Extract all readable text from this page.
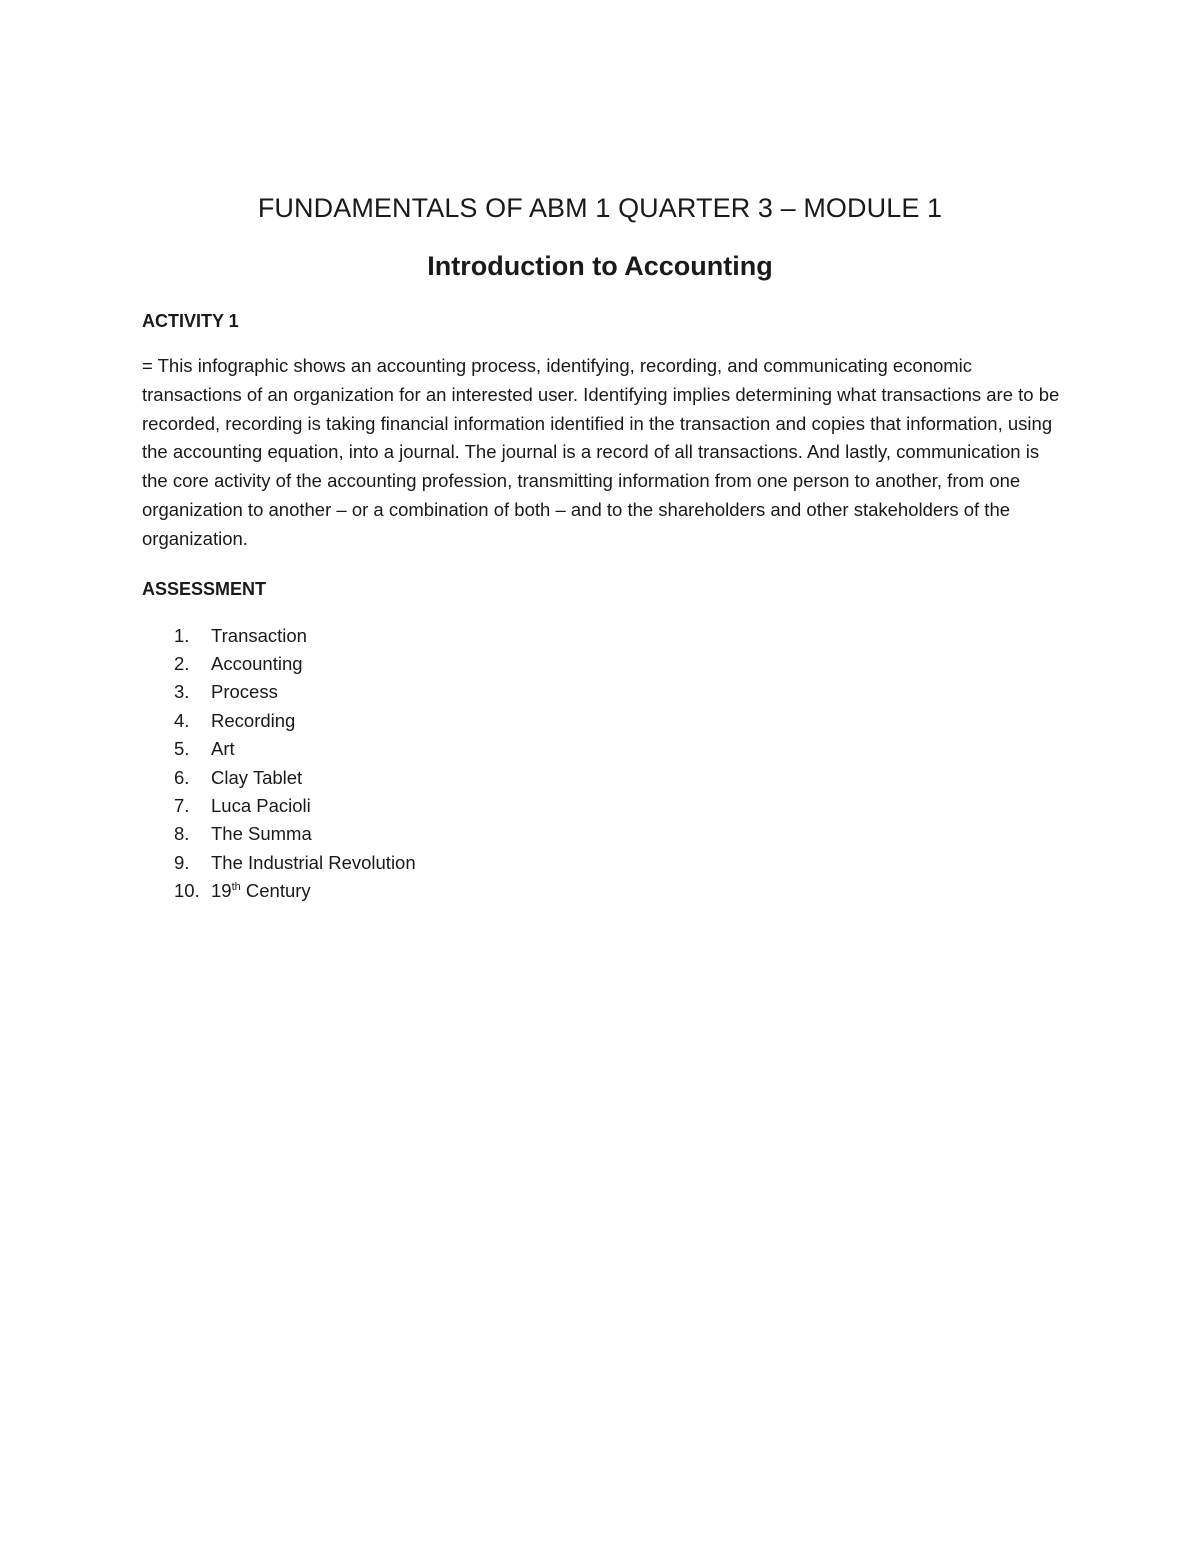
FUNDAMENTALS OF ABM 1 QUARTER 3 – MODULE 1
Introduction to Accounting
ACTIVITY 1

= This infographic shows an accounting process, identifying, recording, and communicating economic transactions of an organization for an interested user. Identifying implies determining what transactions are to be recorded, recording is taking financial information identified in the transaction and copies that information, using the accounting equation, into a journal. The journal is a record of all transactions. And lastly, communication is the core activity of the accounting profession, transmitting information from one person to another, from one organization to another – or a combination of both – and to the shareholders and other stakeholders of the organization.

ASSESSMENT
1.	Transaction
2.	Accounting
3.	Process
4.	Recording
5.	Art
6.	Clay Tablet
7.	Luca Pacioli
8.	The Summa
9.	The Industrial Revolution
10. 19th Century
